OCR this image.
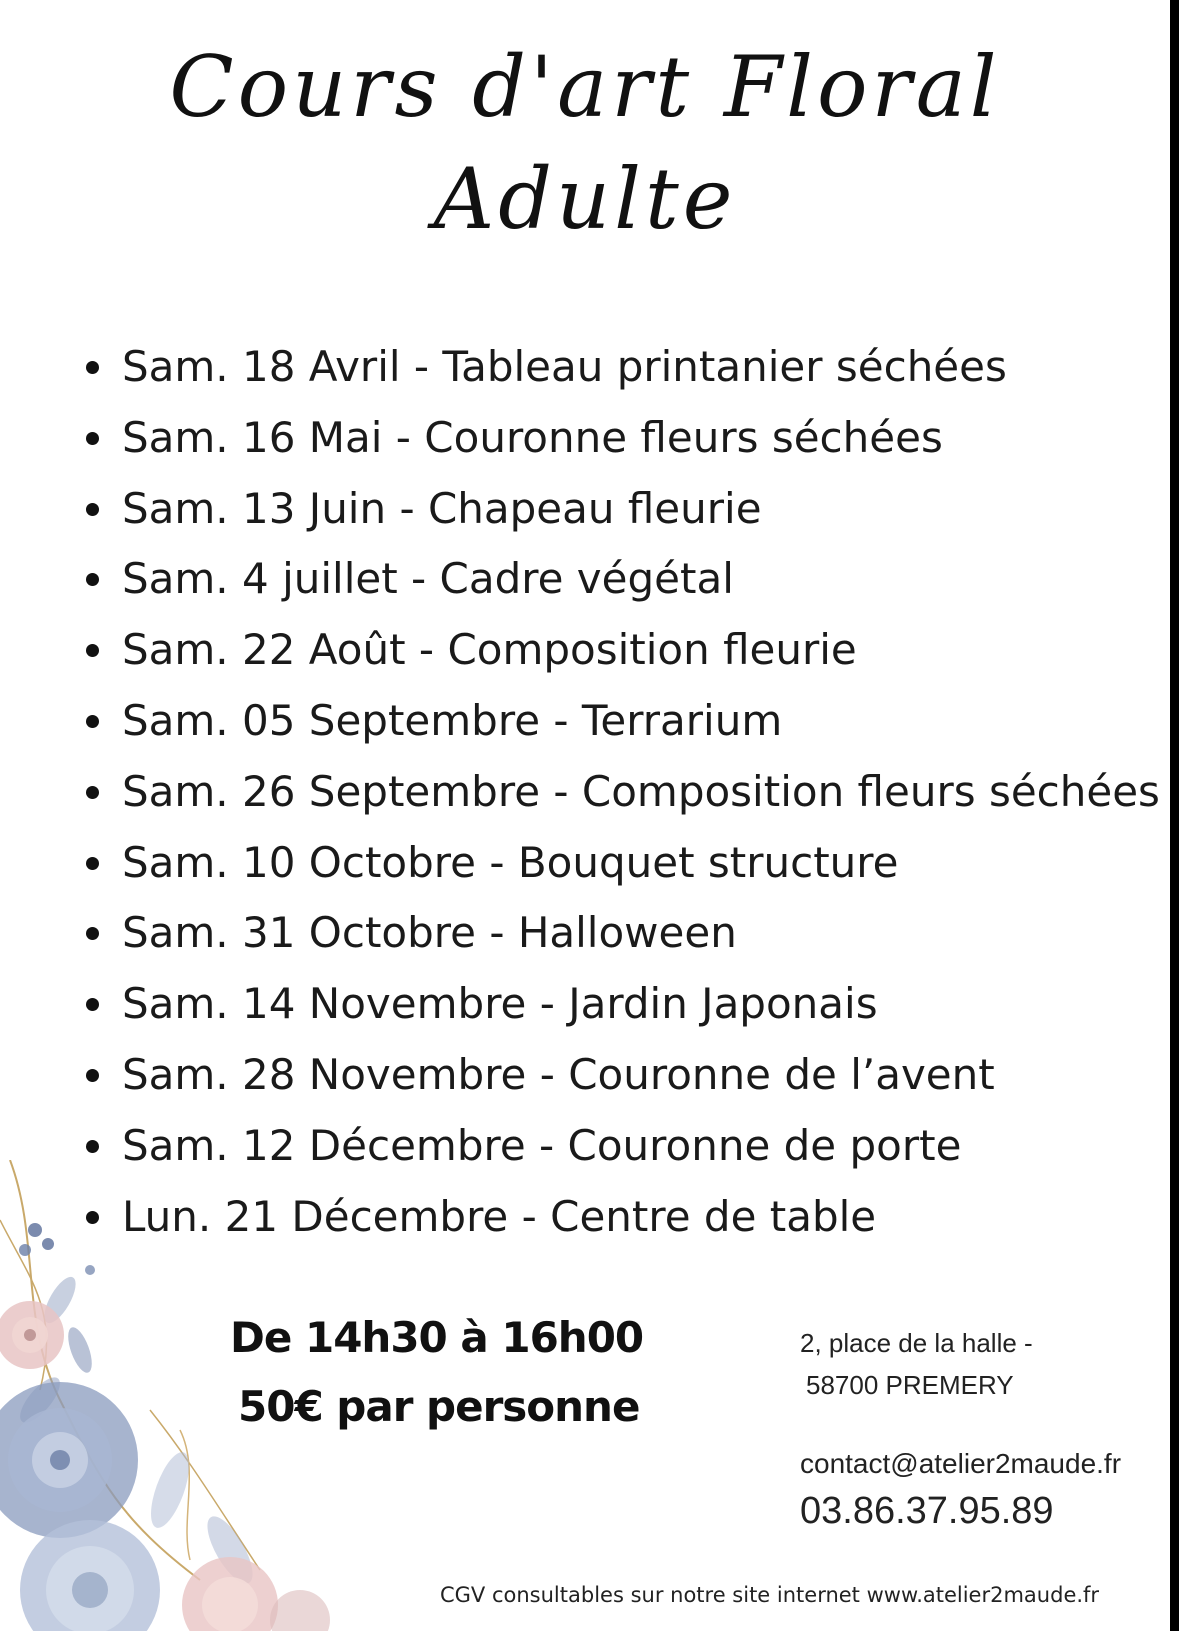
Cours d'art Floral
Adulte
Sam. 18 Avril - Tableau printanier séchées
Sam. 16 Mai - Couronne fleurs séchées
Sam. 13 Juin - Chapeau fleurie
Sam. 4 juillet - Cadre végétal
Sam. 22 Août - Composition fleurie
Sam. 05 Septembre - Terrarium
Sam. 26 Septembre - Composition fleurs séchées
Sam. 10 Octobre - Bouquet structure
Sam. 31 Octobre - Halloween
Sam. 14 Novembre - Jardin Japonais
Sam. 28 Novembre - Couronne de l’avent
Sam. 12 Décembre - Couronne de porte
Lun. 21 Décembre - Centre de table
De 14h30 à 16h00
50€ par personne
2, place de la halle -
58700 PREMERY
contact@atelier2maude.fr
03.86.37.95.89
CGV consultables sur notre site internet www.atelier2maude.fr
